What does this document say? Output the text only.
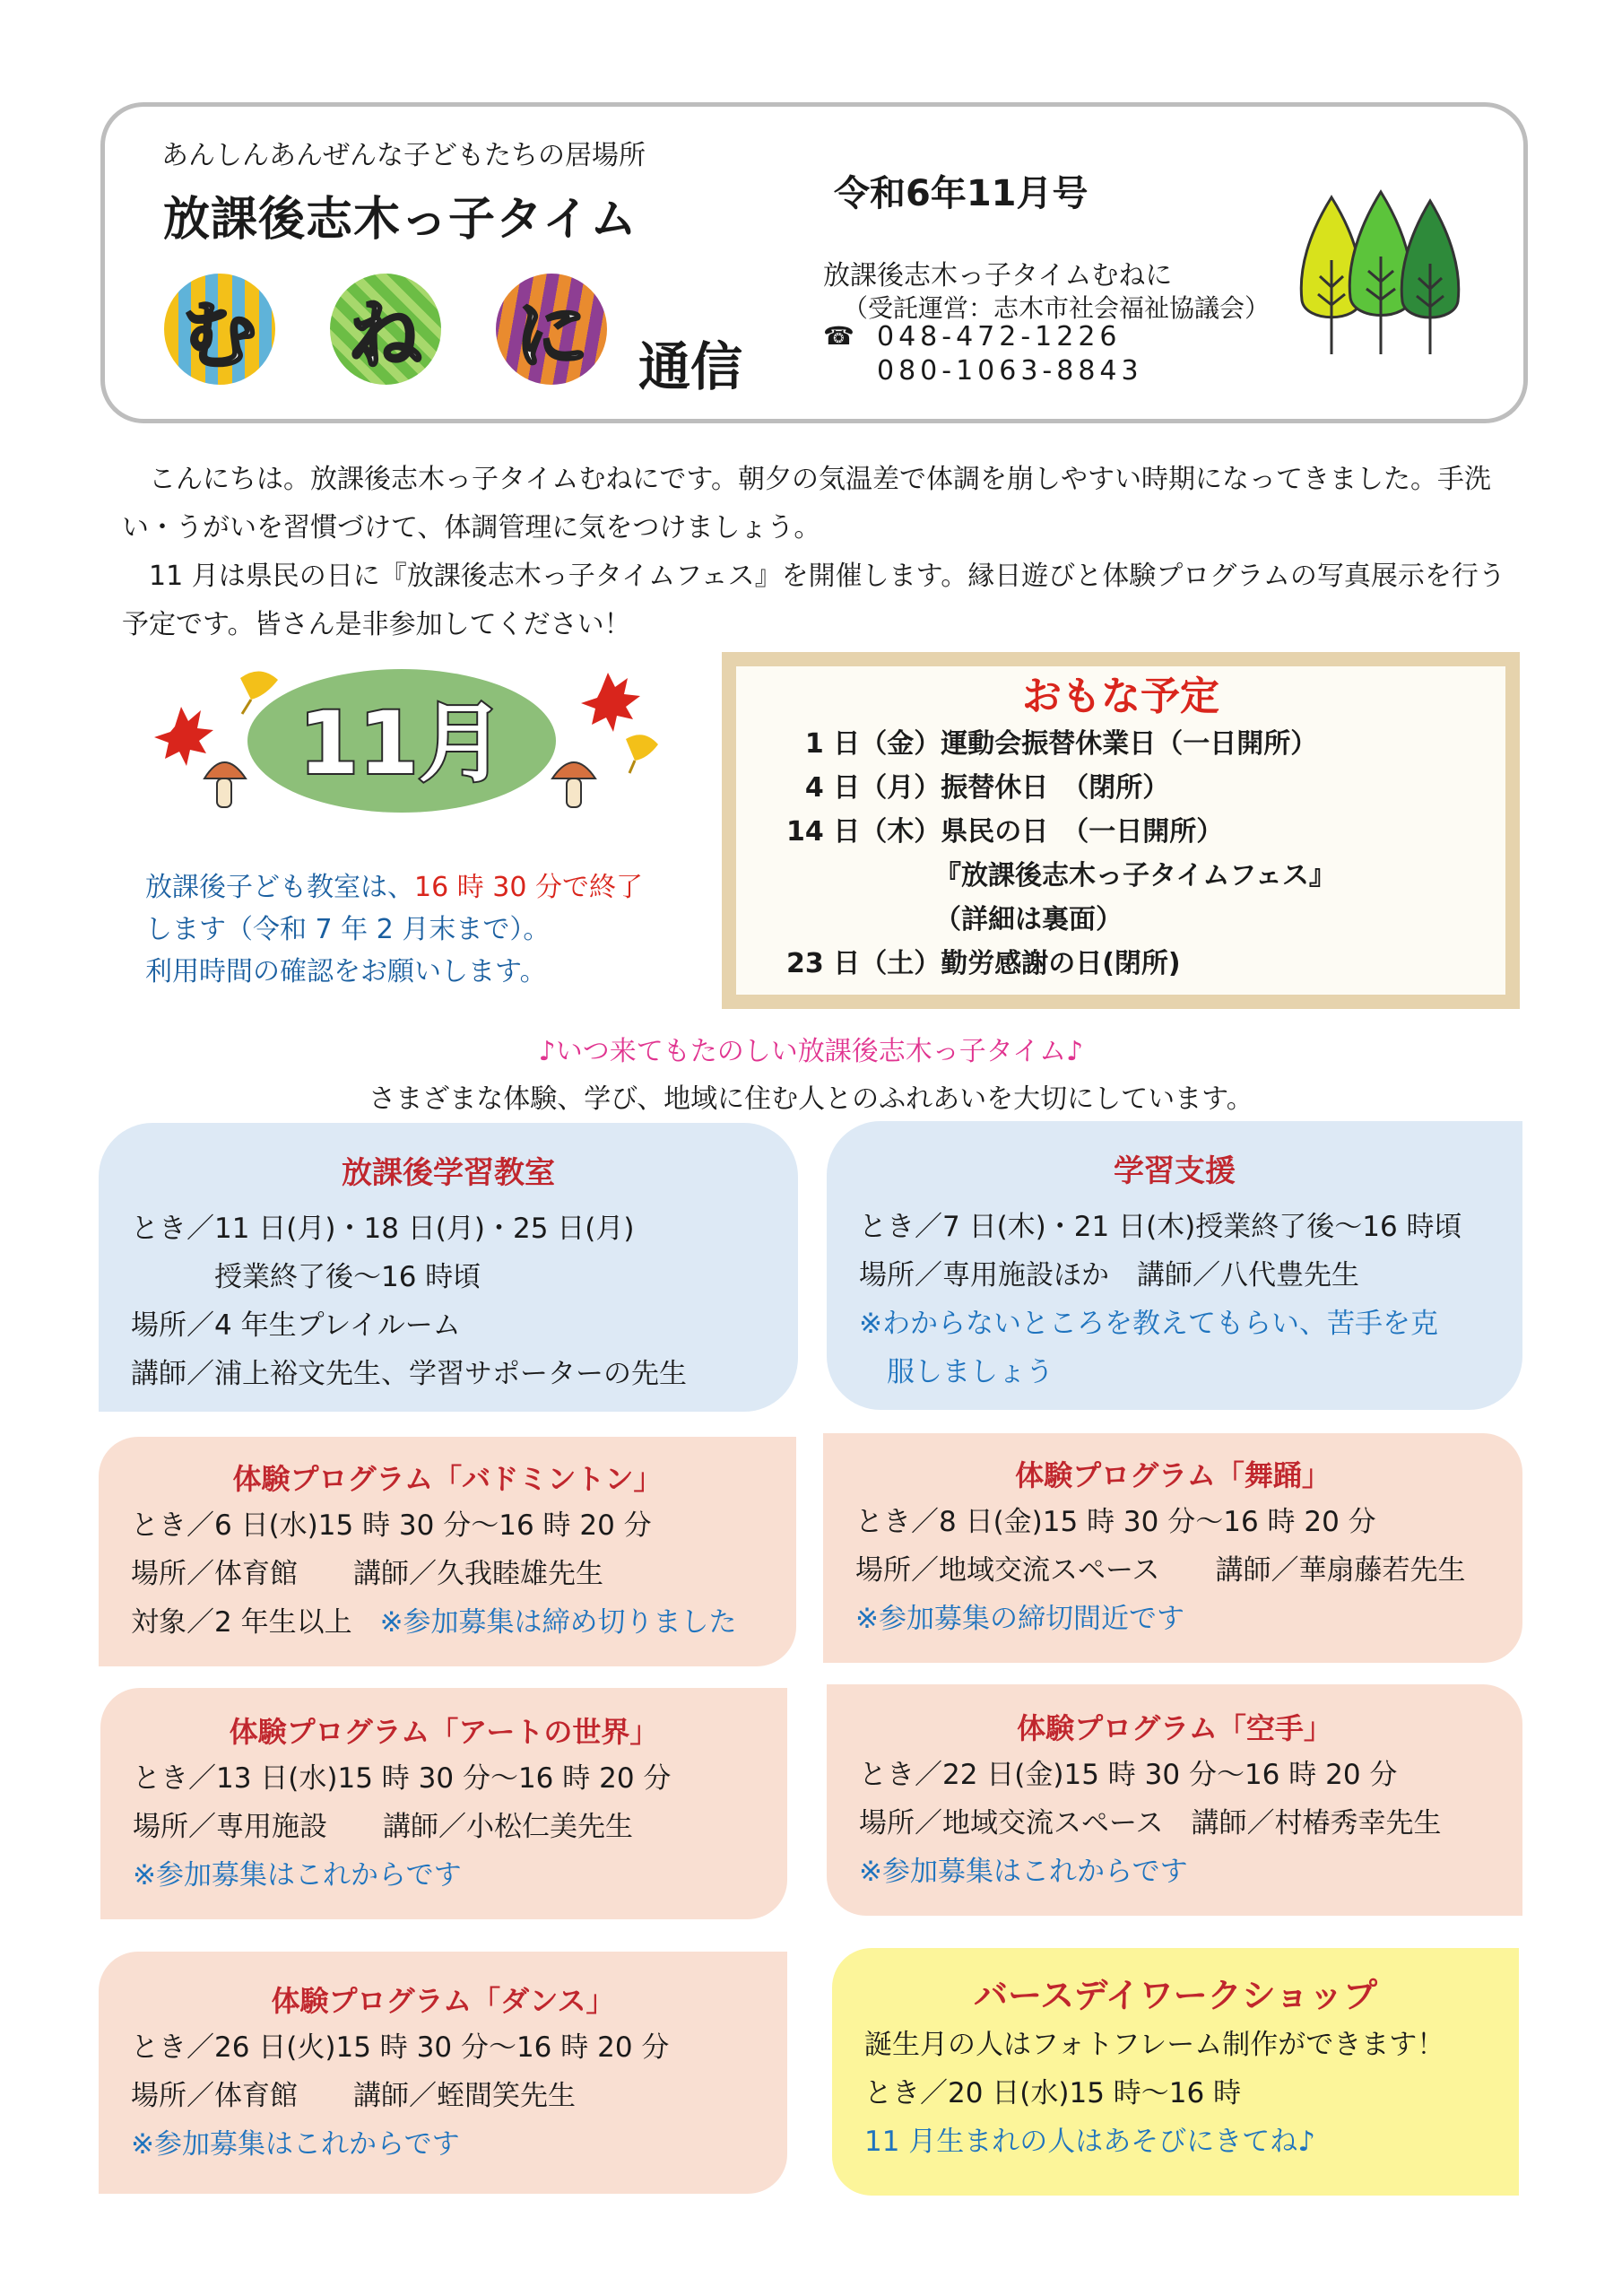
あんしんあんぜんな子どもたちの居場所
放課後志木っ子タイム
む ね に 通信
令和6年11月号
放課後志木っ子タイムむねに
（受託運営：志木市社会福祉協議会）
☎ 048-472-1226
080-1063-8843
　こんにちは。放課後志木っ子タイムむねにです。朝夕の気温差で体調を崩しやすい時期になってきました。手洗い・うがいを習慣づけて、体調管理に気をつけましょう。
　11 月は県民の日に『放課後志木っ子タイムフェス』を開催します。縁日遊びと体験プログラムの写真展示を行う予定です。皆さん是非参加してください！
11月
放課後子ども教室は、16 時 30 分で終了
します（令和 7 年 2 月末まで）。
利用時間の確認をお願いします。
おもな予定
1 日（金）運動会振替休業日（一日開所）
4 日（月）振替休日　（閉所）
14 日（木）県民の日　（一日開所）
　　　　　　『放課後志木っ子タイムフェス』
　　　　　　（詳細は裏面）
23 日（土）勤労感謝の日(閉所)
♪いつ来てもたのしい放課後志木っ子タイム♪
さまざまな体験、学び、地域に住む人とのふれあいを大切にしています。
放課後学習教室
とき／11 日(月)・18 日(月)・25 日(月)
　　　授業終了後～16 時頃
場所／4 年生プレイルーム
講師／浦上裕文先生、学習サポーターの先生
学習支援
とき／7 日(木)・21 日(木)授業終了後～16 時頃
場所／専用施設ほか　講師／八代豊先生
※わからないところを教えてもらい、苦手を克
　服しましょう
体験プログラム「バドミントン」
とき／6 日(水)15 時 30 分～16 時 20 分
場所／体育館　　講師／久我睦雄先生
対象／2 年生以上　※参加募集は締め切りました
体験プログラム「舞踊」
とき／8 日(金)15 時 30 分～16 時 20 分
場所／地域交流スペース　　講師／華扇藤若先生
※参加募集の締切間近です
体験プログラム「アートの世界」
とき／13 日(水)15 時 30 分～16 時 20 分
場所／専用施設　　講師／小松仁美先生
※参加募集はこれからです
体験プログラム「空手」
とき／22 日(金)15 時 30 分～16 時 20 分
場所／地域交流スペース　講師／村椿秀幸先生
※参加募集はこれからです
体験プログラム「ダンス」
とき／26 日(火)15 時 30 分～16 時 20 分
場所／体育館　　講師／蛭間笑先生
※参加募集はこれからです
バースデイワークショップ
誕生月の人はフォトフレーム制作ができます！
とき／20 日(水)15 時～16 時
11 月生まれの人はあそびにきてね♪
